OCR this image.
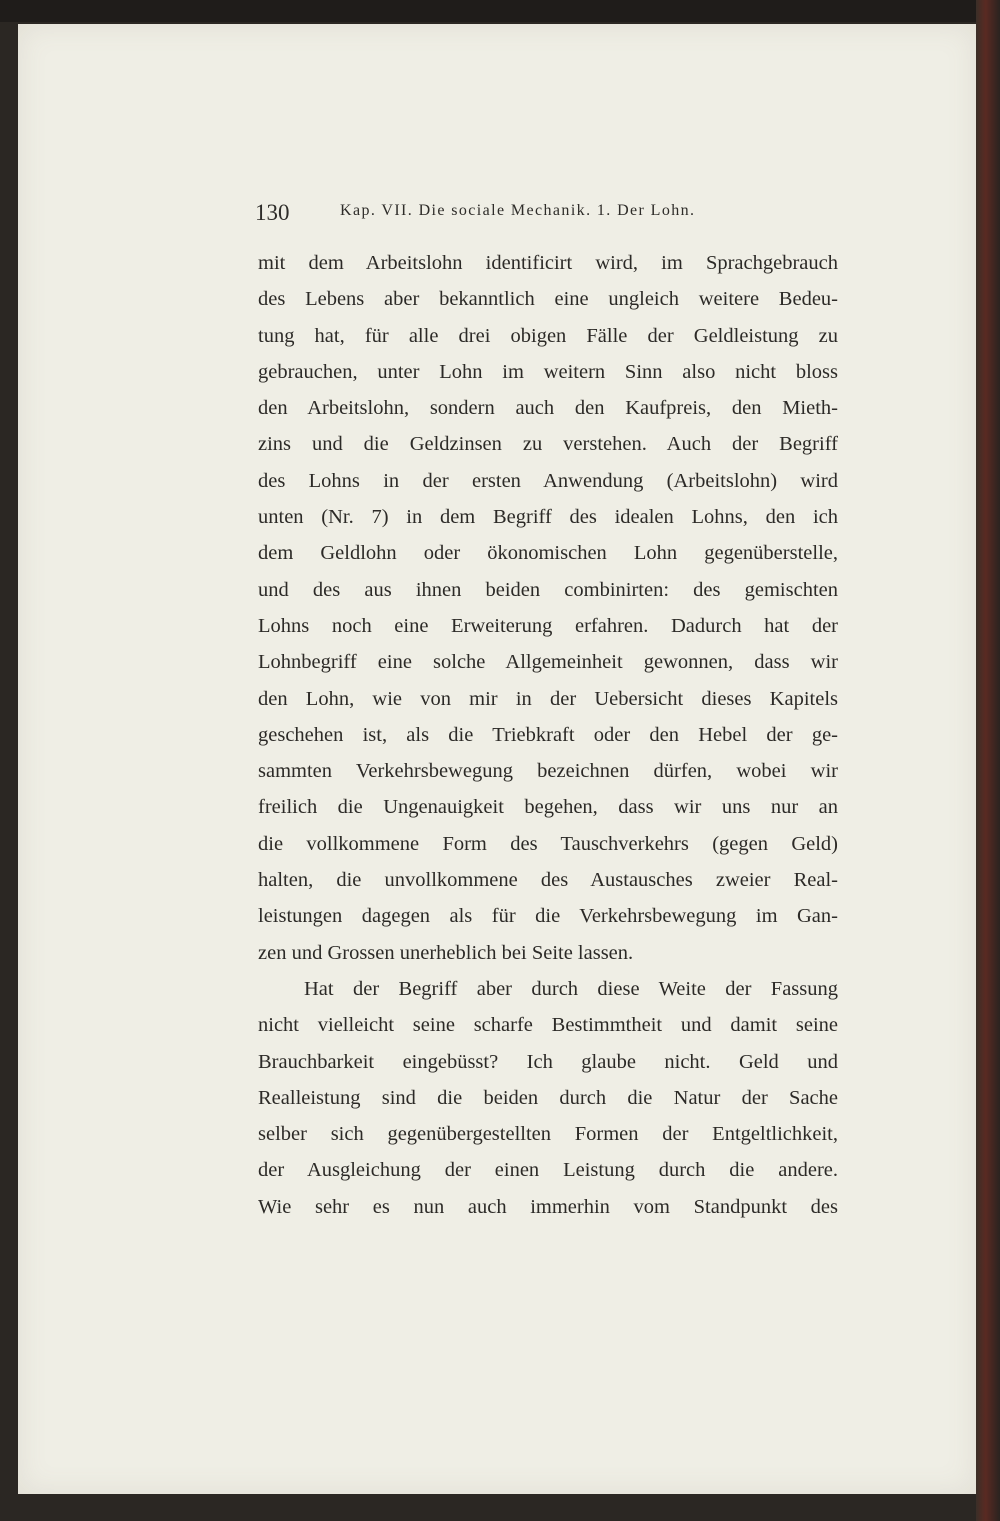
130	Kap. VII. Die sociale Mechanik. 1. Der Lohn.
mit dem Arbeitslohn identificirt wird, im Sprachgebrauch
des Lebens aber bekanntlich eine ungleich weitere Bedeu-
tung hat, für alle drei obigen Fälle der Geldleistung zu
gebrauchen, unter Lohn im weitern Sinn also nicht bloss
den Arbeitslohn, sondern auch den Kaufpreis, den Mieth-
zins und die Geldzinsen zu verstehen. Auch der Begriff
des Lohns in der ersten Anwendung (Arbeitslohn) wird
unten (Nr. 7) in dem Begriff des idealen Lohns, den ich
dem Geldlohn oder ökonomischen Lohn gegenüberstelle,
und des aus ihnen beiden combinirten: des gemischten
Lohns noch eine Erweiterung erfahren. Dadurch hat der
Lohnbegriff eine solche Allgemeinheit gewonnen, dass wir
den Lohn, wie von mir in der Uebersicht dieses Kapitels
geschehen ist, als die Triebkraft oder den Hebel der ge-
sammten Verkehrsbewegung bezeichnen dürfen, wobei wir
freilich die Ungenauigkeit begehen, dass wir uns nur an
die vollkommene Form des Tauschverkehrs (gegen Geld)
halten, die unvollkommene des Austausches zweier Real-
leistungen dagegen als für die Verkehrsbewegung im Gan-
zen und Grossen unerheblich bei Seite lassen.
Hat der Begriff aber durch diese Weite der Fassung
nicht vielleicht seine scharfe Bestimmtheit und damit seine
Brauchbarkeit eingebüsst? Ich glaube nicht. Geld und
Realleistung sind die beiden durch die Natur der Sache
selber sich gegenübergestellten Formen der Entgeltlichkeit,
der Ausgleichung der einen Leistung durch die andere.
Wie sehr es nun auch immerhin vom Standpunkt des
